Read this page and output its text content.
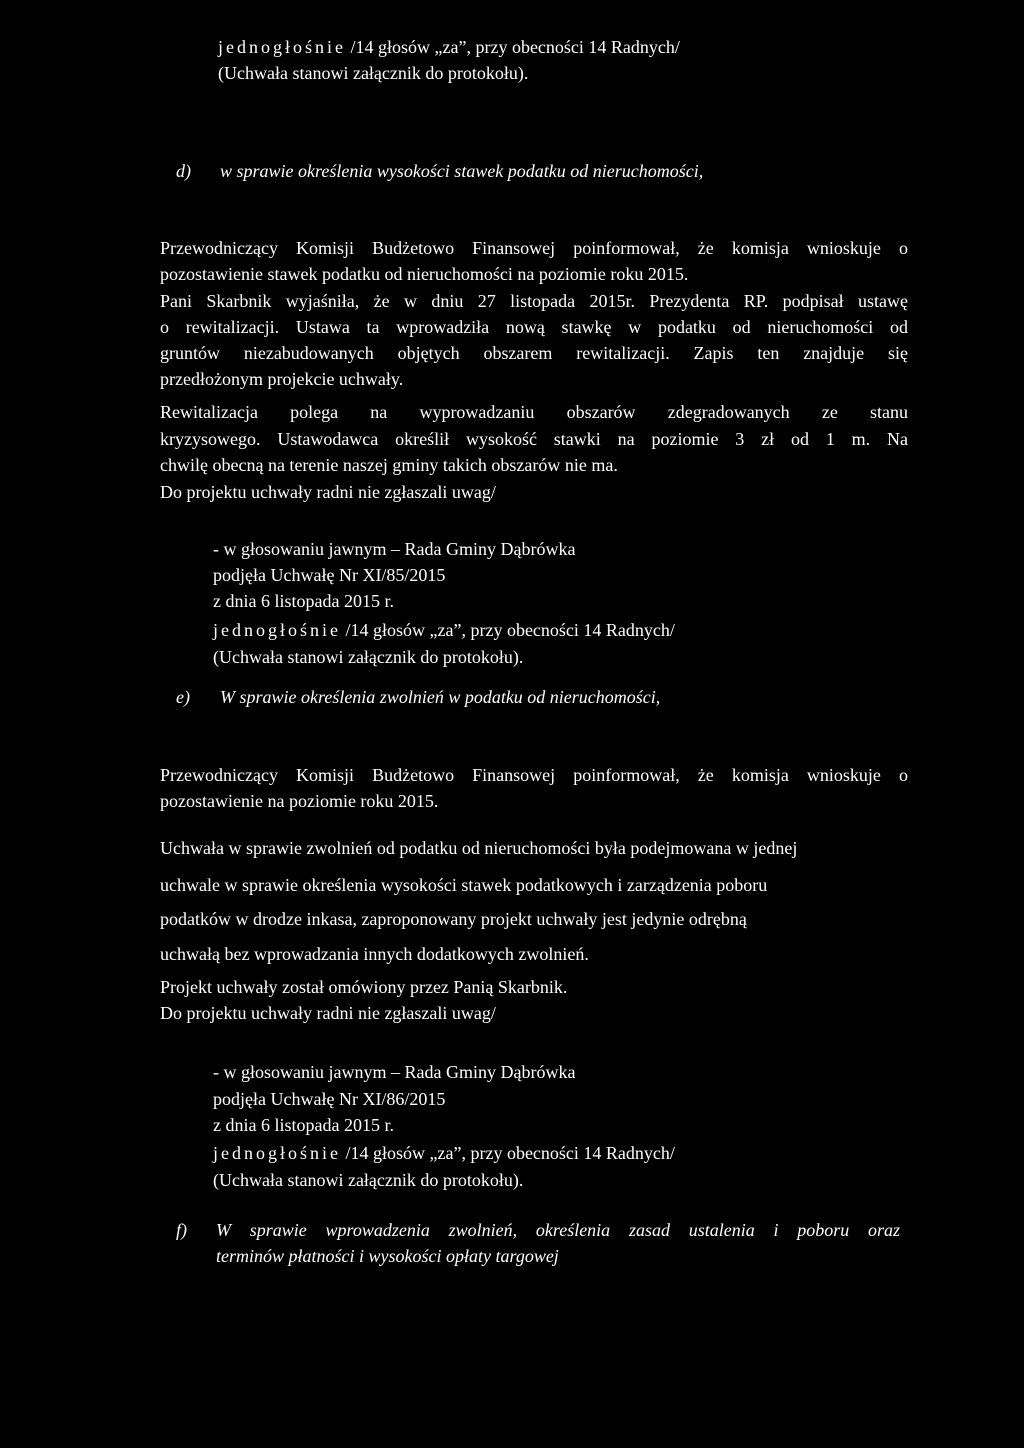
jednogłośnie /14 głosów „za”, przy obecności 14 Radnych/

(Uchwała stanowi załącznik do protokołu).

d) w sprawie określenia wysokości stawek podatku od nieruchomości,

Przewodniczący Komisji Budżetowo Finansowej poinformował, że komisja wnioskuje o

pozostawienie stawek podatku od nieruchomości na poziomie roku 2015.

Pani Skarbnik wyjaśniła, że w dniu 27 listopada 2015r. Prezydenta RP. podpisał ustawę

o rewitalizacji. Ustawa ta wprowadziła nową stawkę w podatku od nieruchomości od

gruntów niezabudowanych objętych obszarem rewitalizacji. Zapis ten znajduje się

przedłożonym projekcie uchwały.

Rewitalizacja polega na wyprowadzaniu obszarów zdegradowanych ze stanu

kryzysowego. Ustawodawca określił wysokość stawki na poziomie 3 zł od 1 m. Na

chwilę obecną na terenie naszej gminy takich obszarów nie ma.

Do projektu uchwały radni nie zgłaszali uwag/

- w głosowaniu jawnym – Rada Gminy Dąbrówka

podjęła Uchwałę Nr XI/85/2015

z dnia 6 listopada 2015 r.

jednogłośnie /14 głosów „za”, przy obecności 14 Radnych/

(Uchwała stanowi załącznik do protokołu).

e) W sprawie określenia zwolnień w podatku od nieruchomości,

Przewodniczący Komisji Budżetowo Finansowej poinformował, że komisja wnioskuje o

pozostawienie na poziomie roku 2015.

Uchwała w sprawie zwolnień od podatku od nieruchomości była podejmowana w jednej

uchwale w sprawie określenia wysokości stawek podatkowych i zarządzenia poboru

podatków w drodze inkasa, zaproponowany projekt uchwały jest jedynie odrębną

uchwałą bez wprowadzania innych dodatkowych zwolnień.

Projekt uchwały został omówiony przez Panią Skarbnik.

Do projektu uchwały radni nie zgłaszali uwag/

- w głosowaniu jawnym – Rada Gminy Dąbrówka

podjęła Uchwałę Nr XI/86/2015

z dnia 6 listopada 2015 r.

jednogłośnie /14 głosów „za”, przy obecności 14 Radnych/

(Uchwała stanowi załącznik do protokołu).

f) W sprawie wprowadzenia zwolnień, określenia zasad ustalenia i poboru oraz

terminów płatności i wysokości opłaty targowej
